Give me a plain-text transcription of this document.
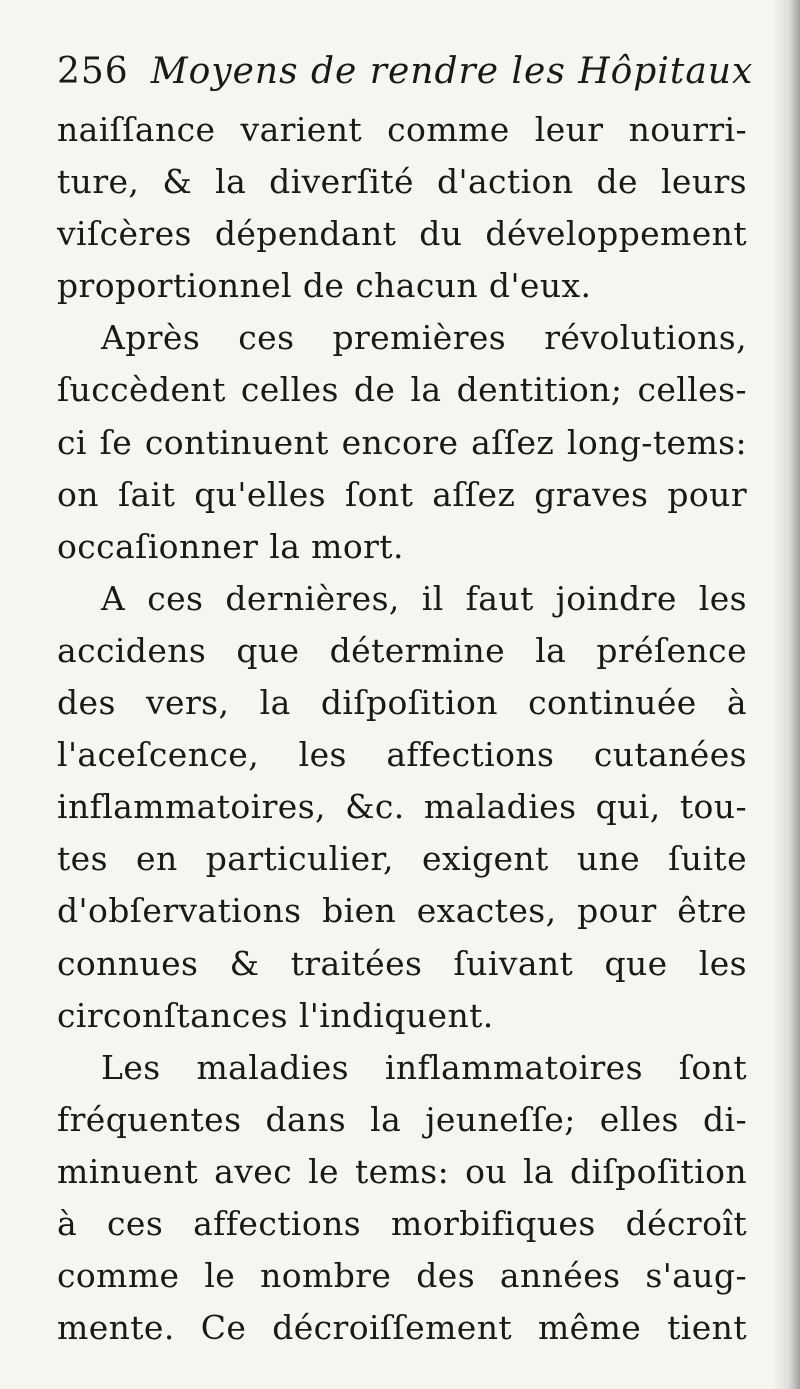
256 Moyens de rendre les Hôpitaux
naiſſance varient comme leur nourri-
ture, & la diverſité d'action de leurs
viſcères dépendant du développement
proportionnel de chacun d'eux.
Après ces premières révolutions,
ſuccèdent celles de la dentition; celles-
ci ſe continuent encore aſſez long-tems:
on ſait qu'elles ſont aſſez graves pour
occaſionner la mort.
A ces dernières, il faut joindre les
accidens que détermine la préſence
des vers, la diſpoſition continuée à
l'aceſcence, les affections cutanées
inflammatoires, &c. maladies qui, tou-
tes en particulier, exigent une ſuite
d'obſervations bien exactes, pour être
connues & traitées ſuivant que les
circonſtances l'indiquent.
Les maladies inflammatoires ſont
fréquentes dans la jeuneſſe; elles di-
minuent avec le tems: ou la diſpoſition
à ces affections morbifiques décroît
comme le nombre des années s'aug-
mente. Ce décroiſſement même tient
